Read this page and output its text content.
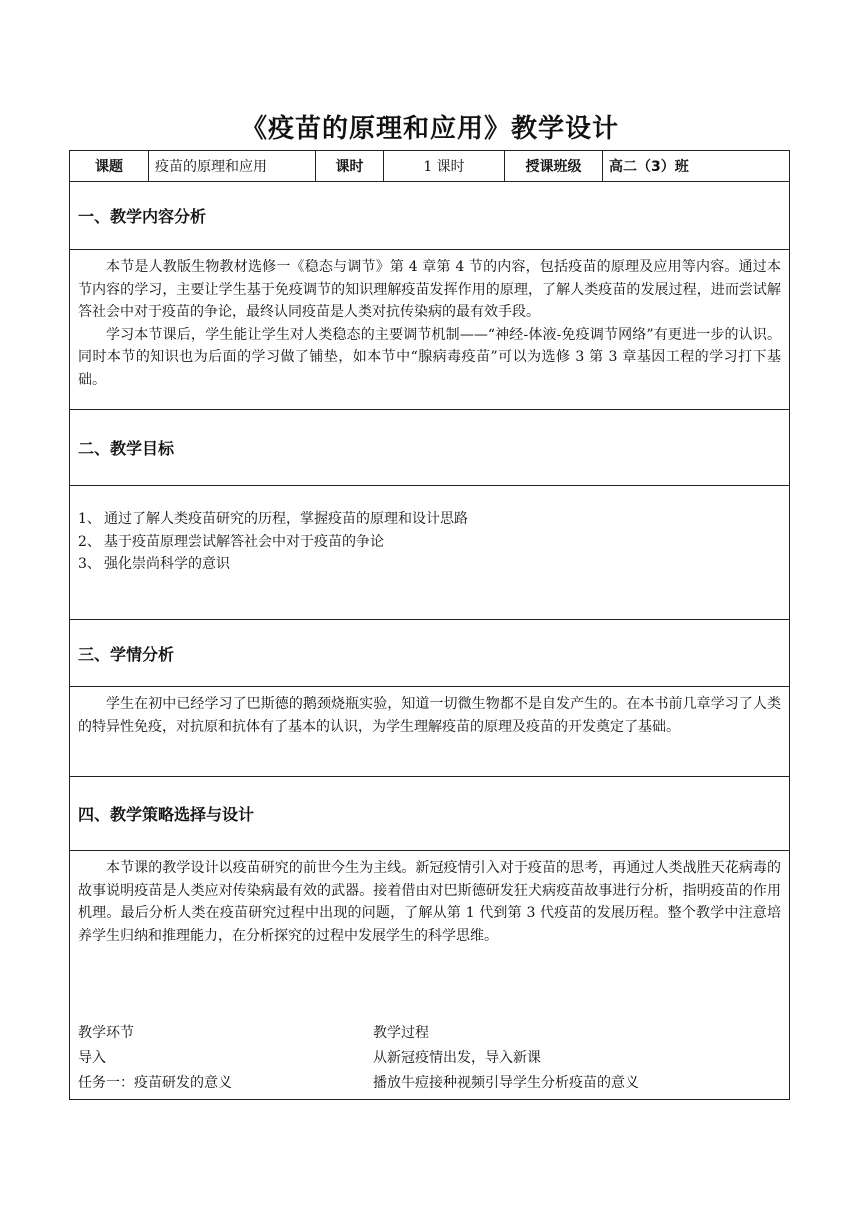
《疫苗的原理和应用》教学设计
课题	疫苗的原理和应用	课时	1 课时	授课班级	高二（3）班
一、教学内容分析

本节是人教版生物教材选修一《稳态与调节》第 4 章第 4 节的内容，包括疫苗的原理及应用等内容。通过本节内容的学习，主要让学生基于免疫调节的知识理解疫苗发挥作用的原理，了解人类疫苗的发展过程，进而尝试解答社会中对于疫苗的争论，最终认同疫苗是人类对抗传染病的最有效手段。

学习本节课后，学生能让学生对人类稳态的主要调节机制——“神经-体液-免疫调节网络”有更进一步的认识。同时本节的知识也为后面的学习做了铺垫，如本节中“腺病毒疫苗”可以为选修 3 第 3 章基因工程的学习打下基础。

二、教学目标
1、 通过了解人类疫苗研究的历程，掌握疫苗的原理和设计思路
2、 基于疫苗原理尝试解答社会中对于疫苗的争论
3、 强化崇尚科学的意识
三、学情分析

学生在初中已经学习了巴斯德的鹅颈烧瓶实验，知道一切微生物都不是自发产生的。在本书前几章学习了人类的特异性免疫，对抗原和抗体有了基本的认识，为学生理解疫苗的原理及疫苗的开发奠定了基础。

四、教学策略选择与设计

本节课的教学设计以疫苗研究的前世今生为主线。新冠疫情引入对于疫苗的思考，再通过人类战胜天花病毒的故事说明疫苗是人类应对传染病最有效的武器。接着借由对巴斯德研发狂犬病疫苗故事进行分析，指明疫苗的作用机理。最后分析人类在疫苗研究过程中出现的问题，了解从第 1 代到第 3 代疫苗的发展历程。整个教学中注意培养学生归纳和推理能力，在分析探究的过程中发展学生的科学思维。

教学环节	教学过程
导入	从新冠疫情出发，导入新课
任务一：疫苗研发的意义	播放牛痘接种视频引导学生分析疫苗的意义
